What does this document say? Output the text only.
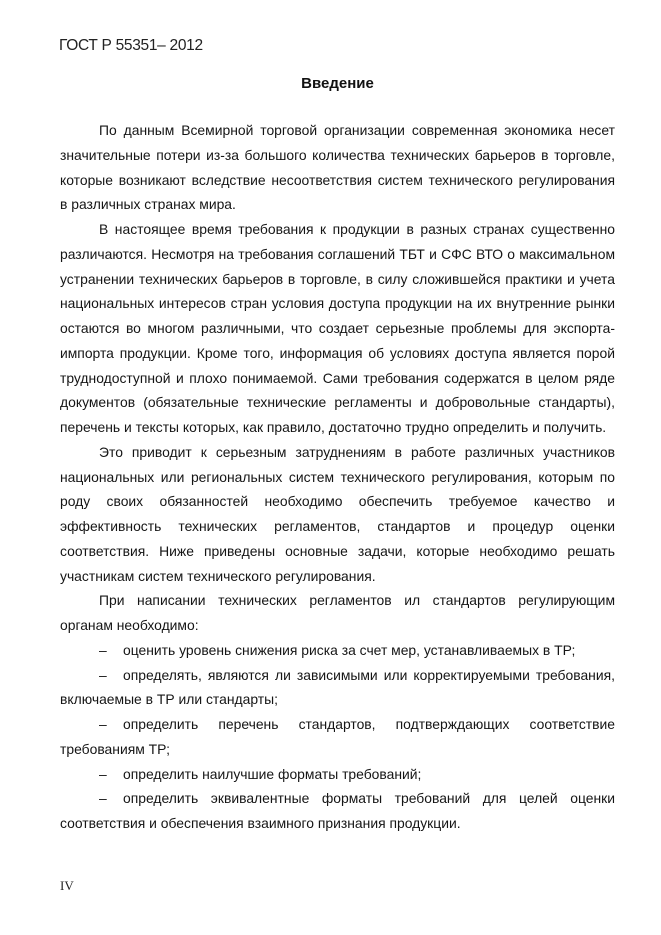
ГОСТ Р 55351– 2012
Введение

По данным Всемирной торговой организации современная экономика несет значительные потери из-за большого количества технических барьеров в торговле, которые возникают вследствие несоответствия систем технического регулирования в различных странах мира.

В настоящее время требования к продукции в разных странах существенно различаются. Несмотря на требования соглашений ТБТ и СФС ВТО о максимальном устранении технических барьеров в торговле, в силу сложившейся практики и учета национальных интересов стран условия доступа продукции на их внутренние рынки остаются во многом различными, что создает серьезные проблемы для экспорта-импорта продукции. Кроме того, информация об условиях доступа является порой труднодоступной и плохо понимаемой. Сами требования содержатся в целом ряде документов (обязательные технические регламенты и добровольные стандарты), перечень и тексты которых, как правило, достаточно трудно определить и получить.

Это приводит к серьезным затруднениям в работе различных участников национальных или региональных систем технического регулирования, которым по роду своих обязанностей необходимо обеспечить требуемое качество и эффективность технических регламентов, стандартов и процедур оценки соответствия. Ниже приведены основные задачи, которые необходимо решать участникам систем технического регулирования.

При написании технических регламентов ил стандартов регулирующим органам необходимо:

– оценить уровень снижения риска за счет мер, устанавливаемых в ТР;
– определять, являются ли зависимыми или корректируемыми требования, включаемые в ТР или стандарты;
– определить перечень стандартов, подтверждающих соответствие требованиям ТР;
– определить наилучшие форматы требований;
– определить эквивалентные форматы требований для целей оценки соответствия и обеспечения взаимного признания продукции.
IV
